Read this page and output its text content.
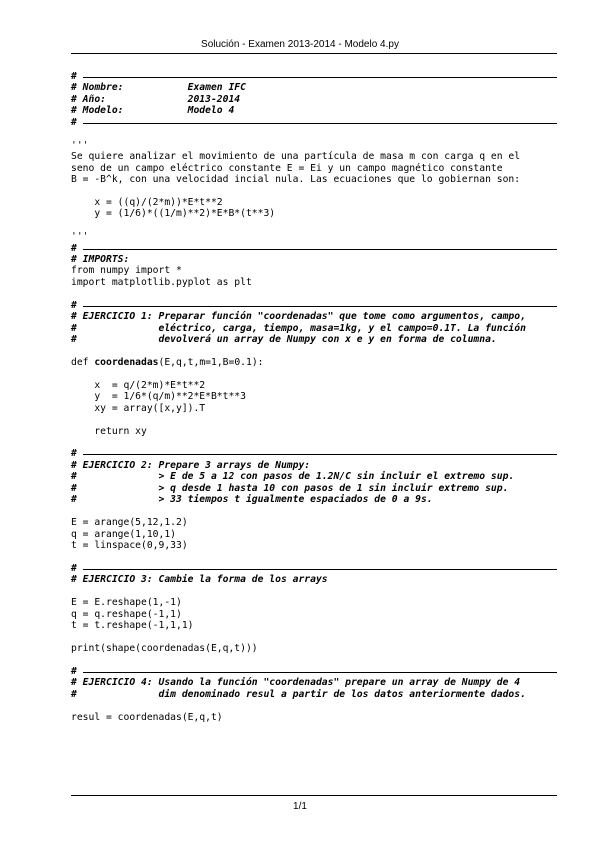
Solución - Examen 2013-2014 - Modelo 4.py
#
# Nombre:           Examen IFC
# Año:              2013-2014
# Modelo:           Modelo 4
#
'''
Se quiere analizar el movimiento de una partícula de masa m con carga q en el
seno de un campo eléctrico constante E = Ei y un campo magnético constante
B = -B^k, con una velocidad incial nula. Las ecuaciones que lo gobiernan son:
x = ((q)/(2*m))*E*t**2
y = (1/6)*((1/m)**2)*E*B*(t**3)
'''
#
# IMPORTS:
from numpy import *
import matplotlib.pyplot as plt
#
# EJERCICIO 1: Preparar función "coordenadas" que tome como argumentos, campo,
#              eléctrico, carga, tiempo, masa=1kg, y el campo=0.1T. La función
#              devolverá un array de Numpy con x e y en forma de columna.
def coordenadas(E,q,t,m=1,B=0.1):
x  = q/(2*m)*E*t**2
y  = 1/6*(q/m)**2*E*B*t**3
xy = array([x,y]).T
return xy
#
# EJERCICIO 2: Prepare 3 arrays de Numpy:
#              > E de 5 a 12 con pasos de 1.2N/C sin incluir el extremo sup.
#              > q desde 1 hasta 10 con pasos de 1 sin incluir extremo sup.
#              > 33 tiempos t igualmente espaciados de 0 a 9s.
E = arange(5,12,1.2)
q = arange(1,10,1)
t = linspace(0,9,33)
#
# EJERCICIO 3: Cambie la forma de los arrays
E = E.reshape(1,-1)
q = q.reshape(-1,1)
t = t.reshape(-1,1,1)
print(shape(coordenadas(E,q,t)))
#
# EJERCICIO 4: Usando la función "coordenadas" prepare un array de Numpy de 4
#              dim denominado resul a partir de los datos anteriormente dados.
resul = coordenadas(E,q,t)
1/1
